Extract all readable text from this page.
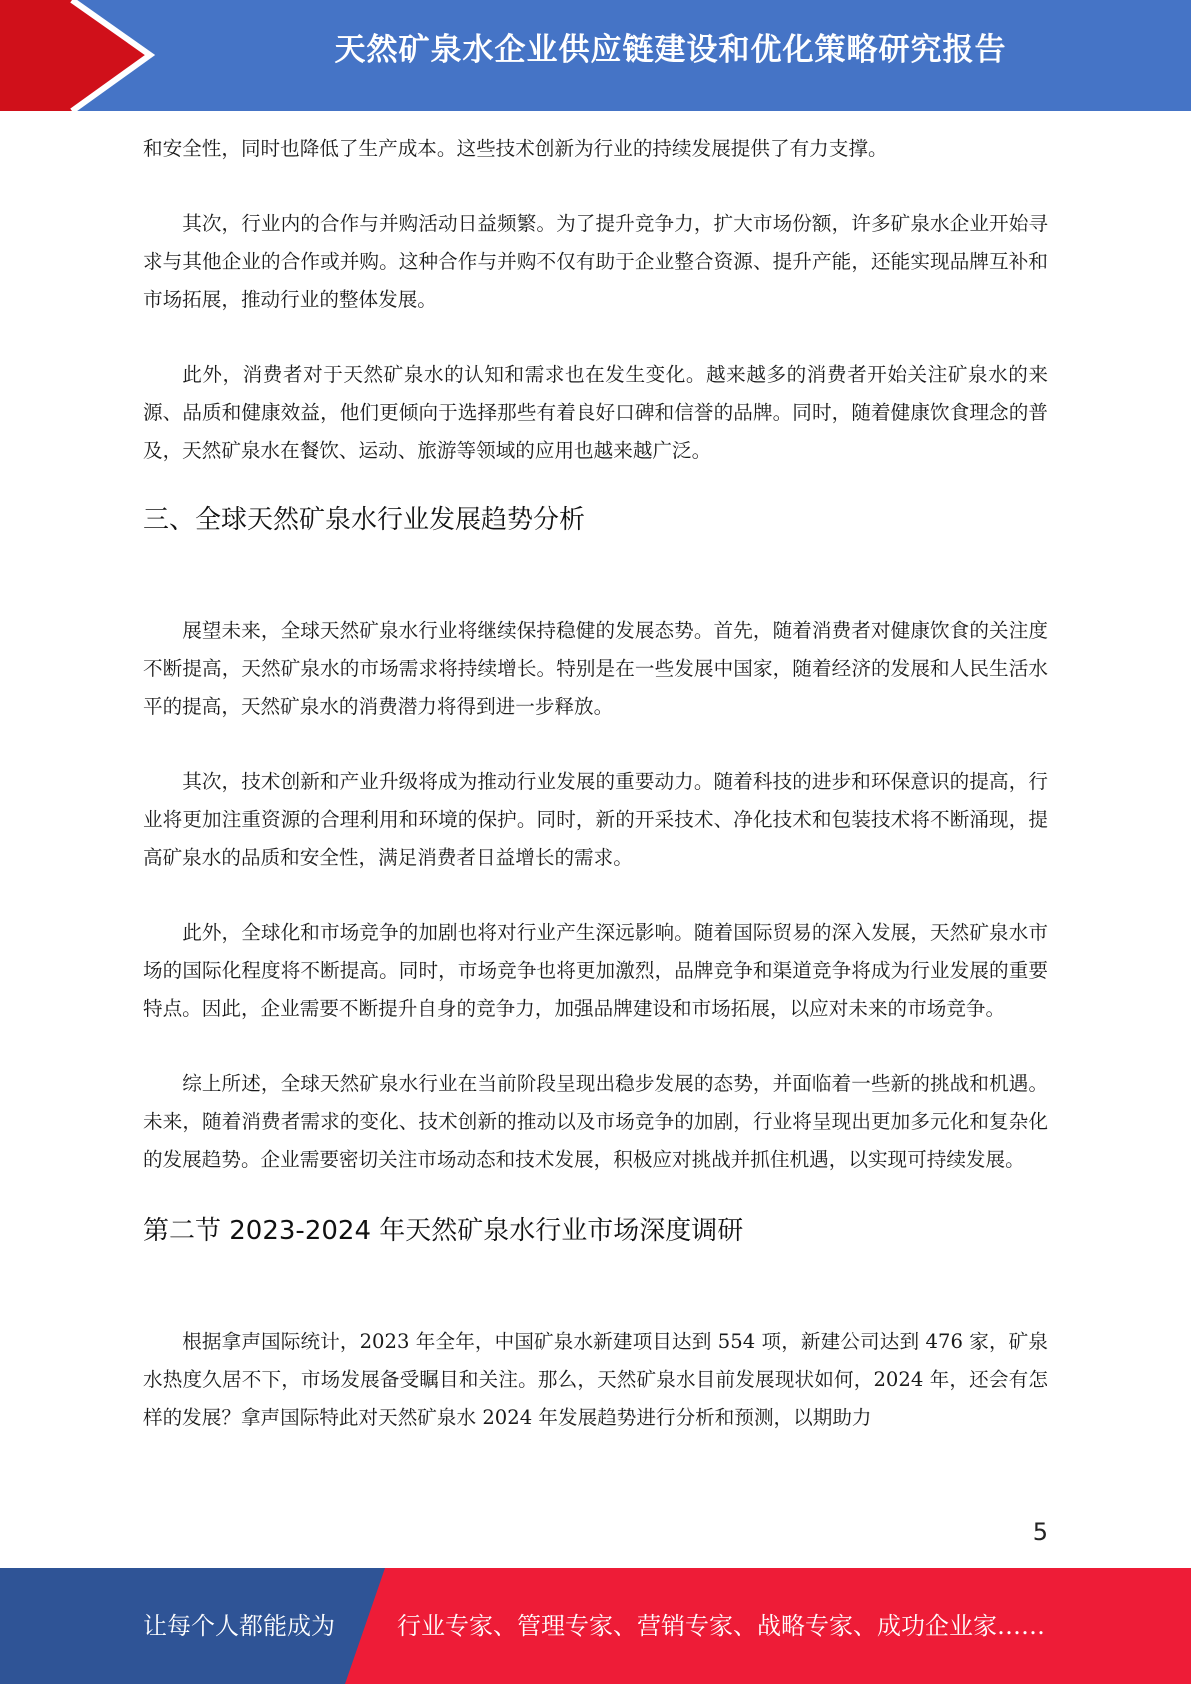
天然矿泉水企业供应链建设和优化策略研究报告

和安全性，同时也降低了生产成本。这些技术创新为行业的持续发展提供了有力支撑。

其次，行业内的合作与并购活动日益频繁。为了提升竞争力，扩大市场份额，许多矿泉水企业开始寻求与其他企业的合作或并购。这种合作与并购不仅有助于企业整合资源、提升产能，还能实现品牌互补和市场拓展，推动行业的整体发展。

此外，消费者对于天然矿泉水的认知和需求也在发生变化。越来越多的消费者开始关注矿泉水的来源、品质和健康效益，他们更倾向于选择那些有着良好口碑和信誉的品牌。同时，随着健康饮食理念的普及，天然矿泉水在餐饮、运动、旅游等领域的应用也越来越广泛。

三、全球天然矿泉水行业发展趋势分析

展望未来，全球天然矿泉水行业将继续保持稳健的发展态势。首先，随着消费者对健康饮食的关注度不断提高，天然矿泉水的市场需求将持续增长。特别是在一些发展中国家，随着经济的发展和人民生活水平的提高，天然矿泉水的消费潜力将得到进一步释放。

其次，技术创新和产业升级将成为推动行业发展的重要动力。随着科技的进步和环保意识的提高，行业将更加注重资源的合理利用和环境的保护。同时，新的开采技术、净化技术和包装技术将不断涌现，提高矿泉水的品质和安全性，满足消费者日益增长的需求。

此外，全球化和市场竞争的加剧也将对行业产生深远影响。随着国际贸易的深入发展，天然矿泉水市场的国际化程度将不断提高。同时，市场竞争也将更加激烈，品牌竞争和渠道竞争将成为行业发展的重要特点。因此，企业需要不断提升自身的竞争力，加强品牌建设和市场拓展，以应对未来的市场竞争。

综上所述，全球天然矿泉水行业在当前阶段呈现出稳步发展的态势，并面临着一些新的挑战和机遇。未来，随着消费者需求的变化、技术创新的推动以及市场竞争的加剧，行业将呈现出更加多元化和复杂化的发展趋势。企业需要密切关注市场动态和技术发展，积极应对挑战并抓住机遇，以实现可持续发展。

第二节 2023-2024 年天然矿泉水行业市场深度调研

根据拿声国际统计，2023 年全年，中国矿泉水新建项目达到 554 项，新建公司达到 476 家，矿泉水热度久居不下，市场发展备受瞩目和关注。那么，天然矿泉水目前发展现状如何，2024 年，还会有怎样的发展？拿声国际特此对天然矿泉水 2024 年发展趋势进行分析和预测，以期助力

5
让每个人都能成为	行业专家、管理专家、营销专家、战略专家、成功企业家……
